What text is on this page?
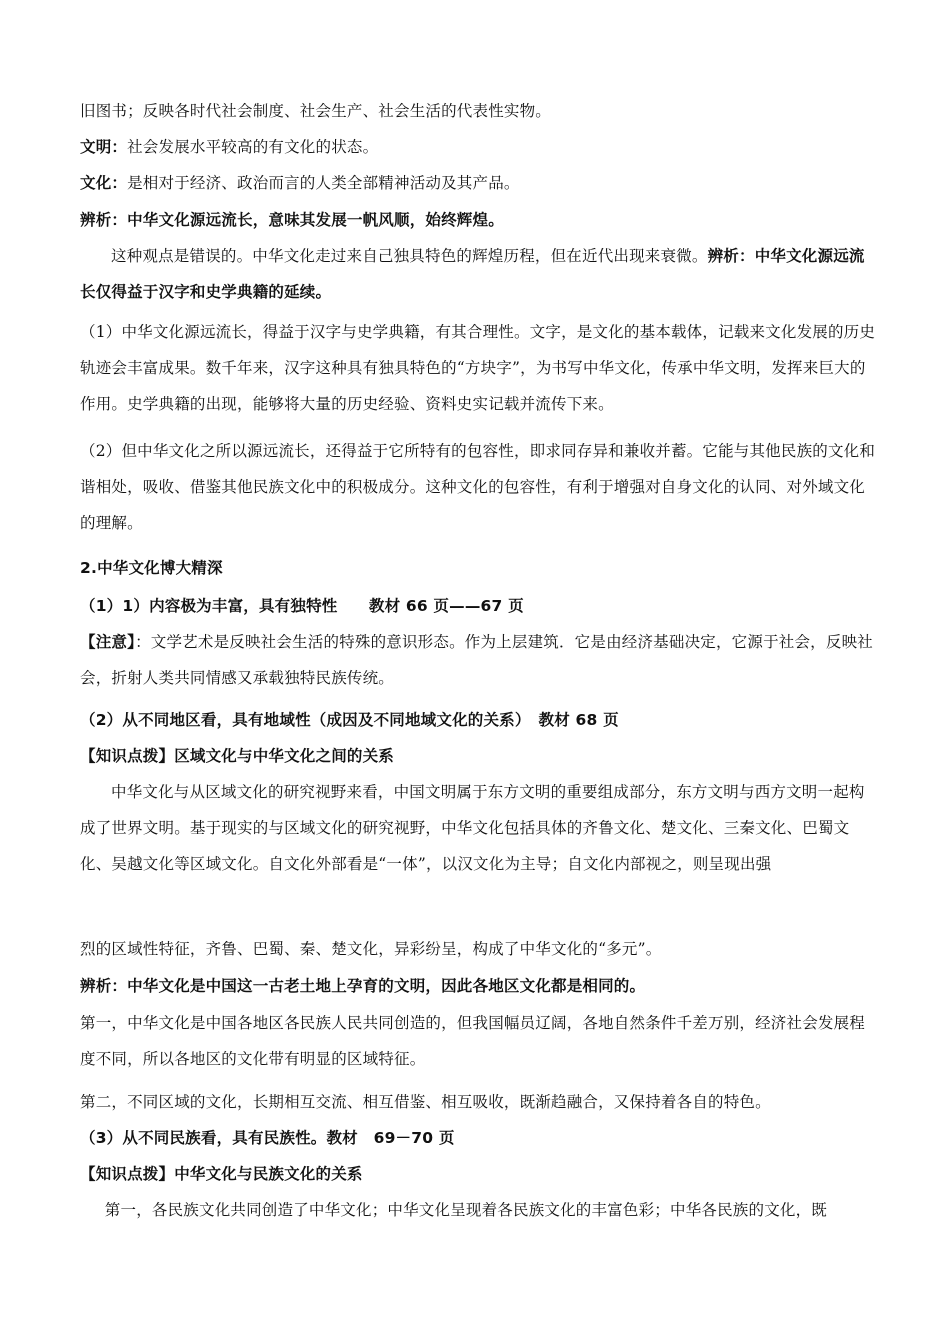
旧图书；反映各时代社会制度、社会生产、社会生活的代表性实物。

文明：社会发展水平较高的有文化的状态。

文化：是相对于经济、政治而言的人类全部精神活动及其产品。

辨析：中华文化源远流长，意味其发展一帆风顺，始终辉煌。

这种观点是错误的。中华文化走过来自己独具特色的辉煌历程，但在近代出现来衰微。辨析：中华文化源远流长仅得益于汉字和史学典籍的延续。

（1）中华文化源远流长，得益于汉字与史学典籍，有其合理性。文字，是文化的基本载体，记载来文化发展的历史轨迹会丰富成果。数千年来，汉字这种具有独具特色的“方块字”，为书写中华文化，传承中华文明，发挥来巨大的作用。史学典籍的出现，能够将大量的历史经验、资料史实记载并流传下来。

（2）但中华文化之所以源远流长，还得益于它所特有的包容性，即求同存异和兼收并蓄。它能与其他民族的文化和谐相处，吸收、借鉴其他民族文化中的积极成分。这种文化的包容性，有利于增强对自身文化的认同、对外域文化的理解。

2.中华文化博大精深

（1）1）内容极为丰富，具有独特性　　教材 66 页——67 页

【注意】：文学艺术是反映社会生活的特殊的意识形态。作为上层建筑．它是由经济基础决定，它源于社会，反映社会，折射人类共同情感又承载独特民族传统。

（2）从不同地区看，具有地域性（成因及不同地域文化的关系）　教材 68 页

【知识点拨】区域文化与中华文化之间的关系

中华文化与从区域文化的研究视野来看，中国文明属于东方文明的重要组成部分，东方文明与西方文明一起构成了世界文明。基于现实的与区域文化的研究视野，中华文化包括具体的齐鲁文化、楚文化、三秦文化、巴蜀文化、吴越文化等区域文化。自文化外部看是“一体”，以汉文化为主导；自文化内部视之，则呈现出强

烈的区域性特征，齐鲁、巴蜀、秦、楚文化，异彩纷呈，构成了中华文化的“多元”。

辨析：中华文化是中国这一古老土地上孕育的文明，因此各地区文化都是相同的。

第一，中华文化是中国各地区各民族人民共同创造的，但我国幅员辽阔，各地自然条件千差万别，经济社会发展程度不同，所以各地区的文化带有明显的区域特征。

第二，不同区域的文化，长期相互交流、相互借鉴、相互吸收，既渐趋融合，又保持着各自的特色。

（3）从不同民族看，具有民族性。教材　69－70 页

【知识点拨】中华文化与民族文化的关系

第一，各民族文化共同创造了中华文化；中华文化呈现着各民族文化的丰富色彩；中华各民族的文化，既
